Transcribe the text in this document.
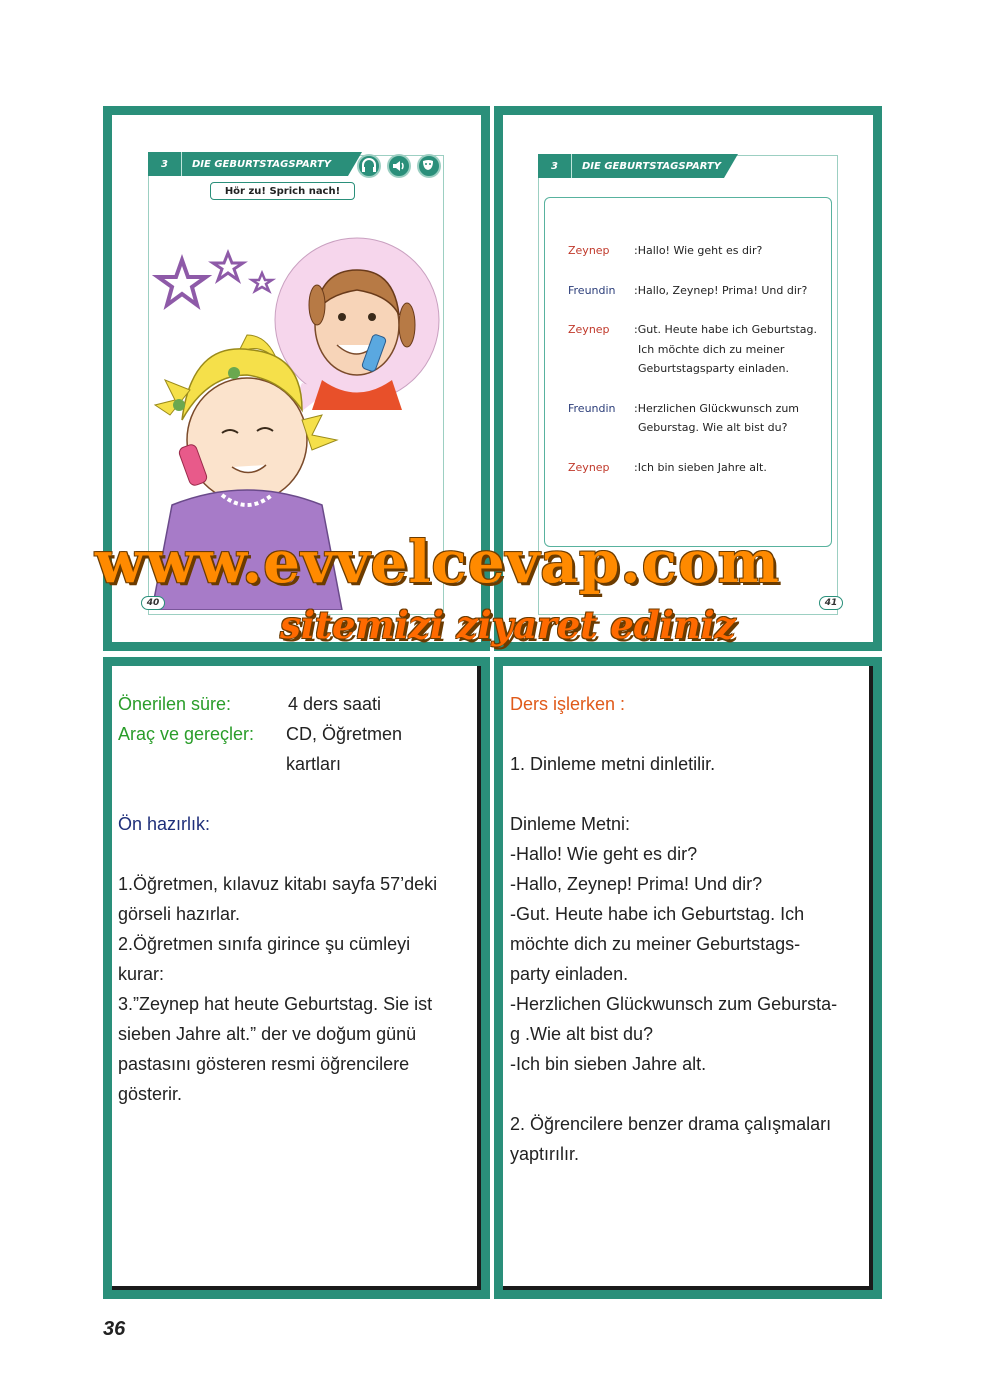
3	DIE GEBURTSTAGSPARTY
Hör zu! Sprich nach!
40
3	DIE GEBURTSTAGSPARTY
Zeynep :Hallo! Wie geht es dir?
Freundin :Hallo, Zeynep! Prima! Und dir?
Zeynep :Gut. Heute habe ich Geburtstag.
Ich möchte dich zu meiner
Geburtstagsparty einladen.
Freundin :Herzlichen Glückwunsch zum
Geburstag. Wie alt bist du?
Zeynep :Ich bin sieben Jahre alt.
41
www.evvelcevap.com
sitemizi ziyaret ediniz
Önerilen süre:	4 ders saati
Araç ve gereçler: CD, Öğretmen
kartları
Ön hazırlık:
1.Öğretmen, kılavuz kitabı sayfa 57’deki
görseli hazırlar.
2.Öğretmen sınıfa girince şu cümleyi
kurar:
3.”Zeynep hat heute Geburtstag. Sie ist
sieben Jahre alt.” der ve doğum günü
pastasını gösteren resmi öğrencilere
gösterir.
Ders işlerken :
1. Dinleme metni dinletilir.
Dinleme Metni:
-Hallo! Wie geht es dir?
-Hallo, Zeynep! Prima! Und dir?
-Gut. Heute habe ich Geburtstag. Ich
möchte dich zu meiner Geburtstags-
party einladen.
-Herzlichen Glückwunsch zum Gebursta-
g .Wie alt bist du?
-Ich bin sieben Jahre alt.
2. Öğrencilere benzer drama çalışmaları
yaptırılır.
36
